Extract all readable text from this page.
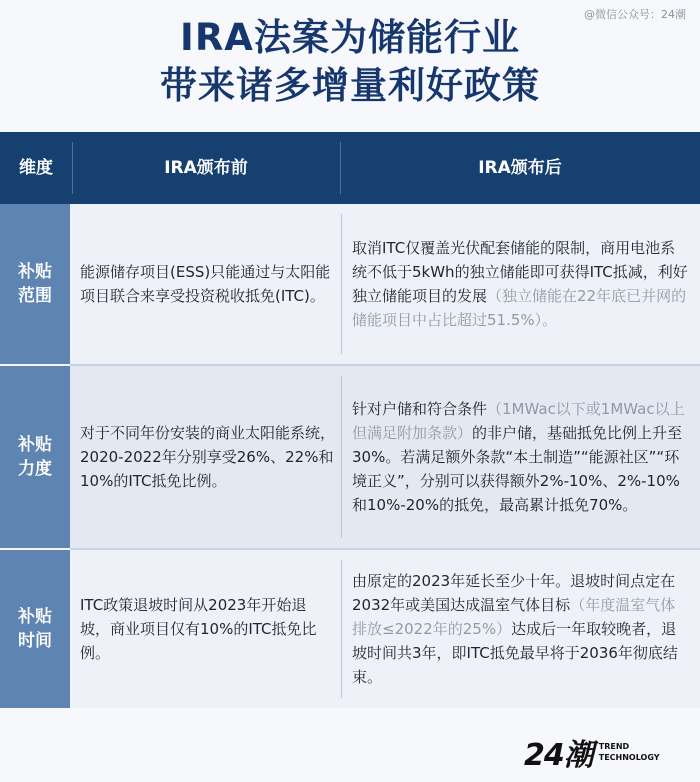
@微信公众号：24潮
IRA法案为储能行业
带来诸多增量利好政策
维度	IRA颁布前	IRA颁布后
补贴
范围
能源储存项目(ESS)只能通过与太阳能项目联合来享受投资税收抵免(ITC)。
取消ITC仅覆盖光伏配套储能的限制，商用电池系统不低于5kWh的独立储能即可获得ITC抵减，利好独立储能项目的发展（独立储能在22年底已并网的储能项目中占比超过51.5%）。
补贴
力度
对于不同年份安装的商业太阳能系统，2020-2022年分别享受26%、22%和10%的ITC抵免比例。
针对户储和符合条件（1MWac以下或1MWac以上但满足附加条款）的非户储，基础抵免比例上升至30%。若满足额外条款“本土制造”“能源社区”“环境正义”，分别可以获得额外2%-10%、2%-10%和10%-20%的抵免，最高累计抵免70%。
补贴
时间
ITC政策退坡时间从2023年开始退坡，商业项目仅有10%的ITC抵免比例。
由原定的2023年延长至少十年。退坡时间点定在2032年或美国达成温室气体目标（年度温室气体排放≤2022年的25%）达成后一年取较晚者，退坡时间共3年，即ITC抵免最早将于2036年彻底结束。
24潮 TREND
TECHNOLOGY
